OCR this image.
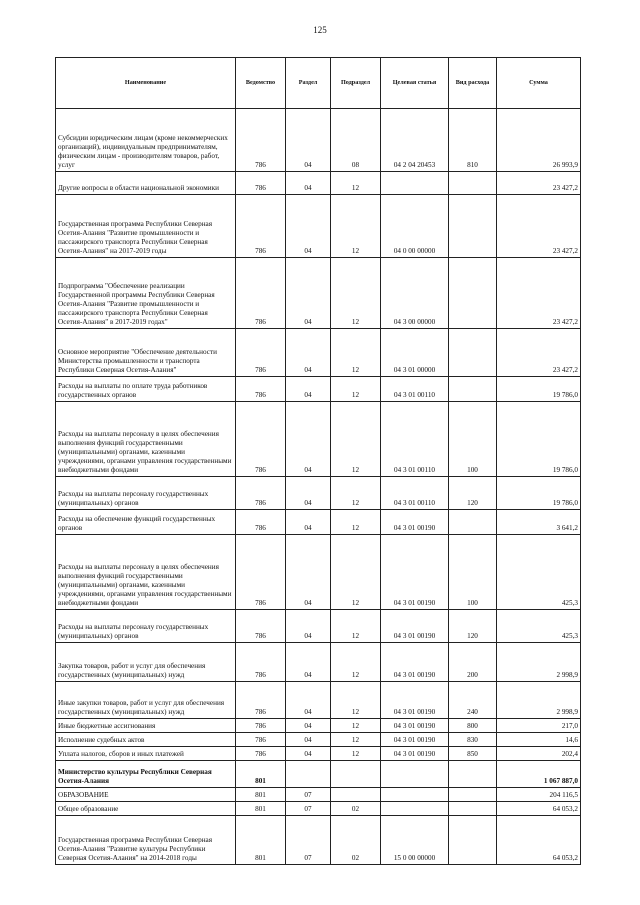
125
Наименование	Ведомство	Раздел	Подраздел	Целевая статья	Вид расхода	Сумма
Субсидии юридическим лицам (кроме некоммерческих организаций), индивидуальным предпринимателям, физическим лицам - производителям товаров, работ, услуг	786	04	08	04 2 04 20453	810	26 993,9
Другие вопросы в области национальной экономики	786	04	12			23 427,2
Государственная программа Республики Северная Осетия-Алания "Развитие промышленности и пассажирского транспорта Республики Северная Осетия-Алания" на 2017-2019 годы	786	04	12	04 0 00 00000		23 427,2
Подпрограмма "Обеспечение реализации Государственной программы Республики Северная Осетия-Алания "Развитие промышленности и пассажирского транспорта Республики Северная Осетия-Алания" в 2017-2019 годах"	786	04	12	04 3 00 00000		23 427,2
Основное мероприятие "Обеспечение деятельности Министерства промышленности и транспорта Республики Северная Осетия-Алания"	786	04	12	04 3 01 00000		23 427,2
Расходы на выплаты по оплате труда работников государственных органов	786	04	12	04 3 01 00110		19 786,0
Расходы на выплаты персоналу в целях обеспечения выполнения функций государственными (муниципальными) органами, казенными учреждениями, органами управления государственными внебюджетными фондами	786	04	12	04 3 01 00110	100	19 786,0
Расходы на выплаты персоналу государственных (муниципальных) органов	786	04	12	04 3 01 00110	120	19 786,0
Расходы на обеспечение функций государственных органов	786	04	12	04 3 01 00190		3 641,2
Расходы на выплаты персоналу в целях обеспечения выполнения функций государственными (муниципальными) органами, казенными учреждениями, органами управления государственными внебюджетными фондами	786	04	12	04 3 01 00190	100	425,3
Расходы на выплаты персоналу государственных (муниципальных) органов	786	04	12	04 3 01 00190	120	425,3
Закупка товаров, работ и услуг для обеспечения государственных (муниципальных) нужд	786	04	12	04 3 01 00190	200	2 998,9
Иные закупки товаров, работ и услуг для обеспечения государственных (муниципальных) нужд	786	04	12	04 3 01 00190	240	2 998,9
Иные бюджетные ассигнования	786	04	12	04 3 01 00190	800	217,0
Исполнение судебных актов	786	04	12	04 3 01 00190	830	14,6
Уплата налогов, сборов и иных платежей	786	04	12	04 3 01 00190	850	202,4
Министерство культуры Республики Северная Осетия-Алания	801					1 067 887,0
ОБРАЗОВАНИЕ	801	07				204 116,5
Общее образование	801	07	02			64 053,2
Государственная программа Республики Северная Осетия-Алания "Развитие культуры Республики Северная Осетия-Алания" на 2014-2018 годы	801	07	02	15 0 00 00000		64 053,2
